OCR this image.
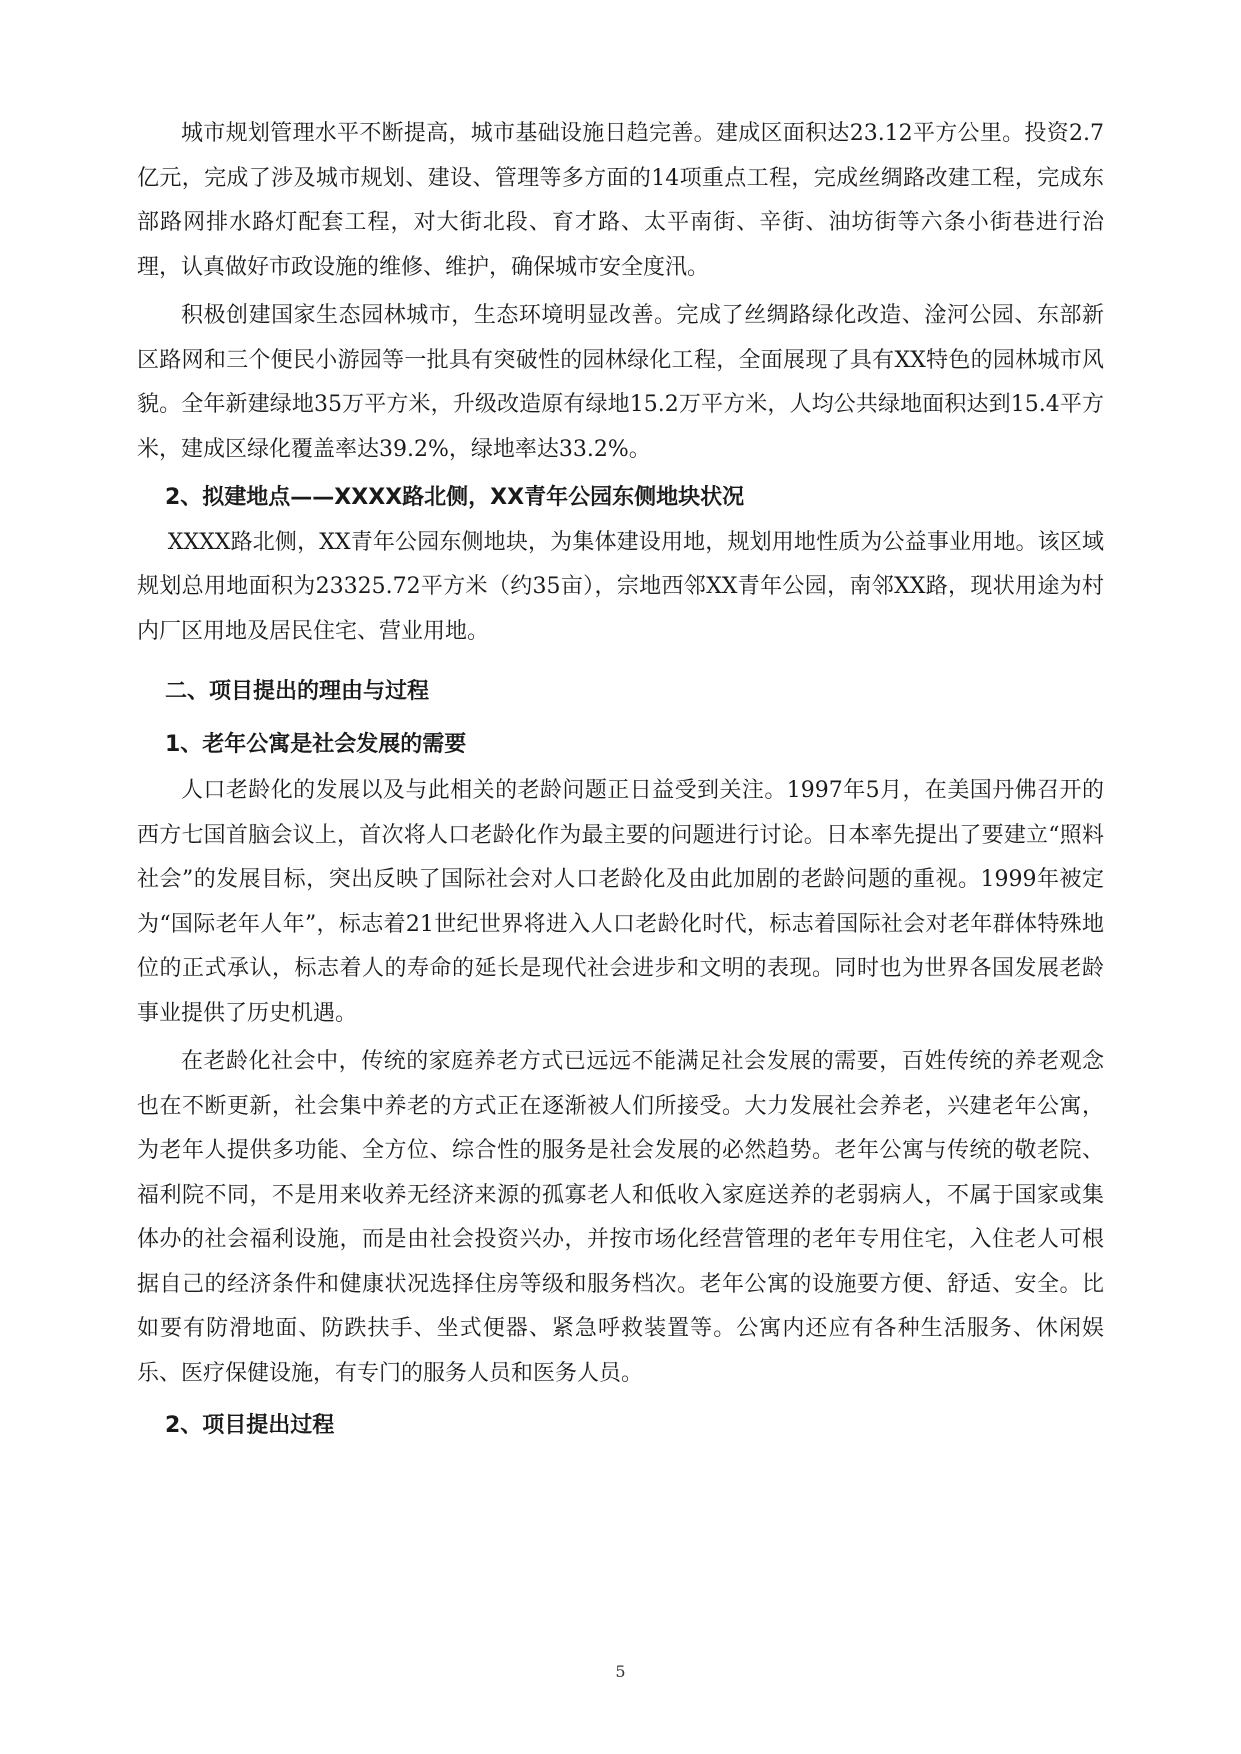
城市规划管理水平不断提高，城市基础设施日趋完善。建成区面积达23.12平方公里。投资2.7亿元，完成了涉及城市规划、建设、管理等多方面的14项重点工程，完成丝绸路改建工程，完成东部路网排水路灯配套工程，对大街北段、育才路、太平南街、辛街、油坊街等六条小街巷进行治理，认真做好市政设施的维修、维护，确保城市安全度汛。

积极创建国家生态园林城市，生态环境明显改善。完成了丝绸路绿化改造、淦河公园、东部新区路网和三个便民小游园等一批具有突破性的园林绿化工程，全面展现了具有XX特色的园林城市风貌。全年新建绿地35万平方米，升级改造原有绿地15.2万平方米，人均公共绿地面积达到15.4平方米，建成区绿化覆盖率达39.2%，绿地率达33.2%。

2、拟建地点——XXXX路北侧，XX青年公园东侧地块状况

XXXX路北侧，XX青年公园东侧地块，为集体建设用地，规划用地性质为公益事业用地。该区域规划总用地面积为23325.72平方米（约35亩），宗地西邻XX青年公园，南邻XX路，现状用途为村内厂区用地及居民住宅、营业用地。

二、项目提出的理由与过程
1、老年公寓是社会发展的需要

人口老龄化的发展以及与此相关的老龄问题正日益受到关注。1997年5月，在美国丹佛召开的西方七国首脑会议上，首次将人口老龄化作为最主要的问题进行讨论。日本率先提出了要建立“照料社会”的发展目标，突出反映了国际社会对人口老龄化及由此加剧的老龄问题的重视。1999年被定为“国际老年人年”，标志着21世纪世界将进入人口老龄化时代，标志着国际社会对老年群体特殊地位的正式承认，标志着人的寿命的延长是现代社会进步和文明的表现。同时也为世界各国发展老龄事业提供了历史机遇。

在老龄化社会中，传统的家庭养老方式已远远不能满足社会发展的需要，百姓传统的养老观念也在不断更新，社会集中养老的方式正在逐渐被人们所接受。大力发展社会养老，兴建老年公寓，为老年人提供多功能、全方位、综合性的服务是社会发展的必然趋势。老年公寓与传统的敬老院、福利院不同，不是用来收养无经济来源的孤寡老人和低收入家庭送养的老弱病人，不属于国家或集体办的社会福利设施，而是由社会投资兴办，并按市场化经营管理的老年专用住宅，入住老人可根据自己的经济条件和健康状况选择住房等级和服务档次。老年公寓的设施要方便、舒适、安全。比如要有防滑地面、防跌扶手、坐式便器、紧急呼救装置等。公寓内还应有各种生活服务、休闲娱乐、医疗保健设施，有专门的服务人员和医务人员。

2、项目提出过程
5
